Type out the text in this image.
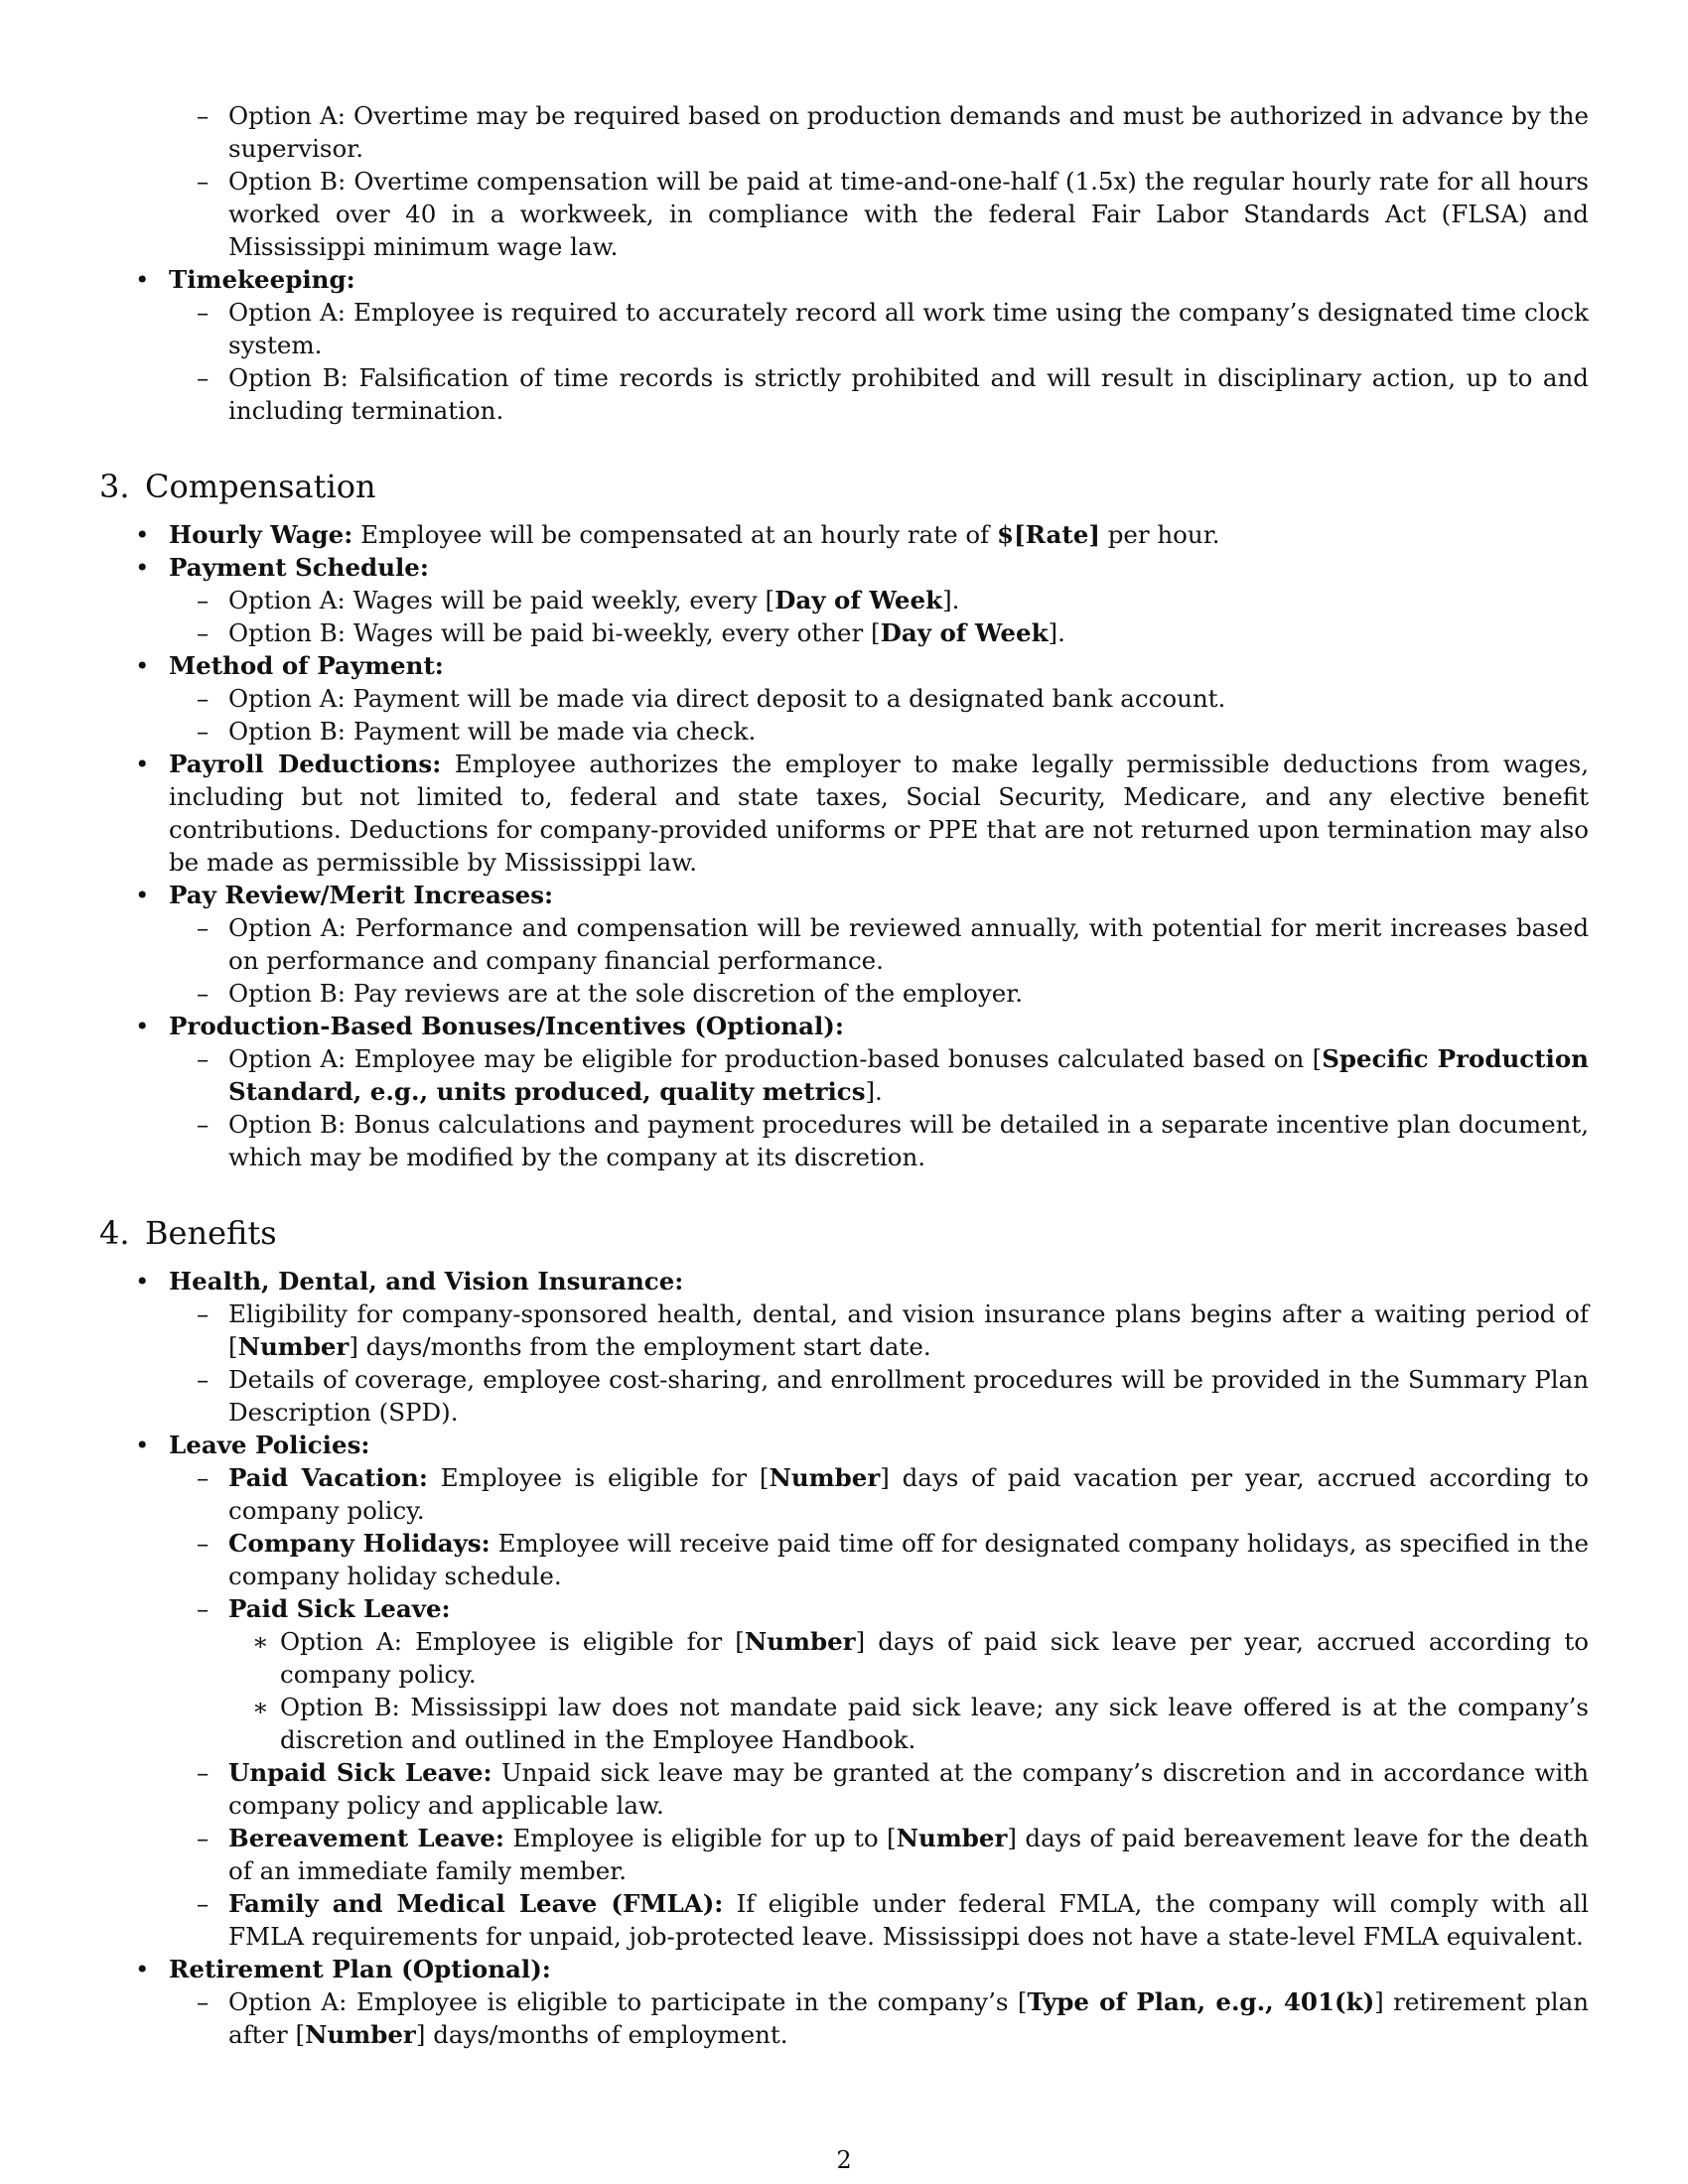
– Option A: Overtime may be required based on production demands and must be authorized in advance by the supervisor.
– Option B: Overtime compensation will be paid at time-and-one-half (1.5x) the regular hourly rate for all hours worked over 40 in a workweek, in compliance with the federal Fair Labor Standards Act (FLSA) and Mississippi minimum wage law.
• Timekeeping:
– Option A: Employee is required to accurately record all work time using the company’s designated time clock system.
– Option B: Falsification of time records is strictly prohibited and will result in disciplinary action, up to and including termination.
3. Compensation
• Hourly Wage: Employee will be compensated at an hourly rate of $[Rate] per hour.
• Payment Schedule:
– Option A: Wages will be paid weekly, every [Day of Week].
– Option B: Wages will be paid bi-weekly, every other [Day of Week].
• Method of Payment:
– Option A: Payment will be made via direct deposit to a designated bank account.
– Option B: Payment will be made via check.
• Payroll Deductions: Employee authorizes the employer to make legally permissible deductions from wages, including but not limited to, federal and state taxes, Social Security, Medicare, and any elective benefit contributions. Deductions for company-provided uniforms or PPE that are not returned upon termination may also be made as permissible by Mississippi law.
• Pay Review/Merit Increases:
– Option A: Performance and compensation will be reviewed annually, with potential for merit increases based on performance and company financial performance.
– Option B: Pay reviews are at the sole discretion of the employer.
• Production-Based Bonuses/Incentives (Optional):
– Option A: Employee may be eligible for production-based bonuses calculated based on [Specific Production Standard, e.g., units produced, quality metrics].
– Option B: Bonus calculations and payment procedures will be detailed in a separate incentive plan document, which may be modified by the company at its discretion.
4. Benefits
• Health, Dental, and Vision Insurance:
– Eligibility for company-sponsored health, dental, and vision insurance plans begins after a waiting period of [Number] days/months from the employment start date.
– Details of coverage, employee cost-sharing, and enrollment procedures will be provided in the Summary Plan Description (SPD).
• Leave Policies:
– Paid Vacation: Employee is eligible for [Number] days of paid vacation per year, accrued according to company policy.
– Company Holidays: Employee will receive paid time off for designated company holidays, as specified in the company holiday schedule.
– Paid Sick Leave:
∗ Option A: Employee is eligible for [Number] days of paid sick leave per year, accrued according to company policy.
∗ Option B: Mississippi law does not mandate paid sick leave; any sick leave offered is at the company’s discretion and outlined in the Employee Handbook.
– Unpaid Sick Leave: Unpaid sick leave may be granted at the company’s discretion and in accordance with company policy and applicable law.
– Bereavement Leave: Employee is eligible for up to [Number] days of paid bereavement leave for the death of an immediate family member.
– Family and Medical Leave (FMLA): If eligible under federal FMLA, the company will comply with all FMLA requirements for unpaid, job-protected leave. Mississippi does not have a state-level FMLA equivalent.
• Retirement Plan (Optional):
– Option A: Employee is eligible to participate in the company’s [Type of Plan, e.g., 401(k)] retirement plan after [Number] days/months of employment.
2
